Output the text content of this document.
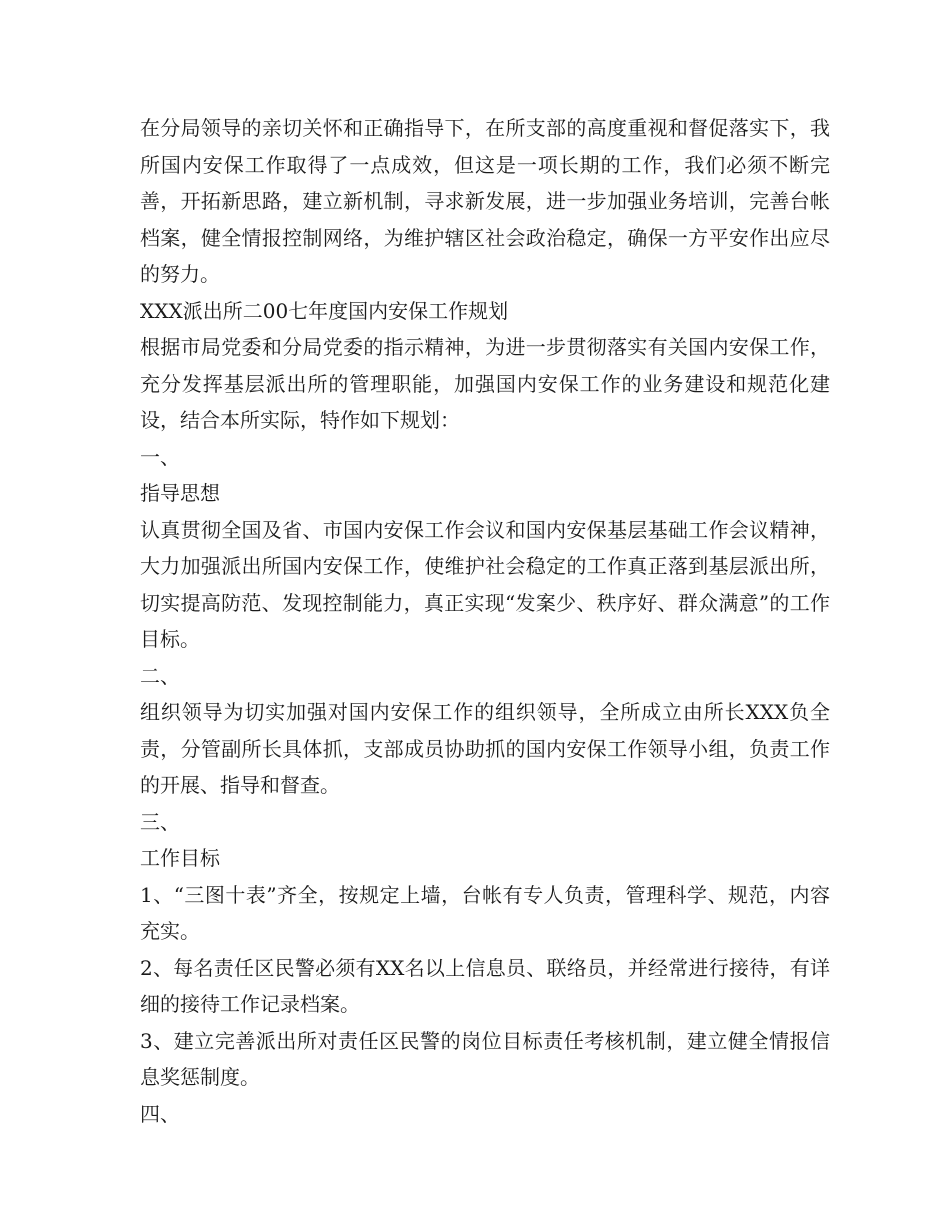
在分局领导的亲切关怀和正确指导下，在所支部的高度重视和督促落实下，我所国内安保工作取得了一点成效，但这是一项长期的工作，我们必须不断完善，开拓新思路，建立新机制，寻求新发展，进一步加强业务培训，完善台帐档案，健全情报控制网络，为维护辖区社会政治稳定，确保一方平安作出应尽的努力。

XXX派出所二00七年度国内安保工作规划

根据市局党委和分局党委的指示精神，为进一步贯彻落实有关国内安保工作，充分发挥基层派出所的管理职能，加强国内安保工作的业务建设和规范化建设，结合本所实际，特作如下规划：

一、

指导思想

认真贯彻全国及省、市国内安保工作会议和国内安保基层基础工作会议精神，大力加强派出所国内安保工作，使维护社会稳定的工作真正落到基层派出所，切实提高防范、发现控制能力，真正实现“发案少、秩序好、群众满意”的工作目标。

二、

组织领导为切实加强对国内安保工作的组织领导，全所成立由所长XXX负全责，分管副所长具体抓，支部成员协助抓的国内安保工作领导小组，负责工作的开展、指导和督查。

三、

工作目标

1、“三图十表”齐全，按规定上墙，台帐有专人负责，管理科学、规范，内容充实。

2、每名责任区民警必须有XX名以上信息员、联络员，并经常进行接待，有详细的接待工作记录档案。

3、建立完善派出所对责任区民警的岗位目标责任考核机制，建立健全情报信息奖惩制度。

四、
